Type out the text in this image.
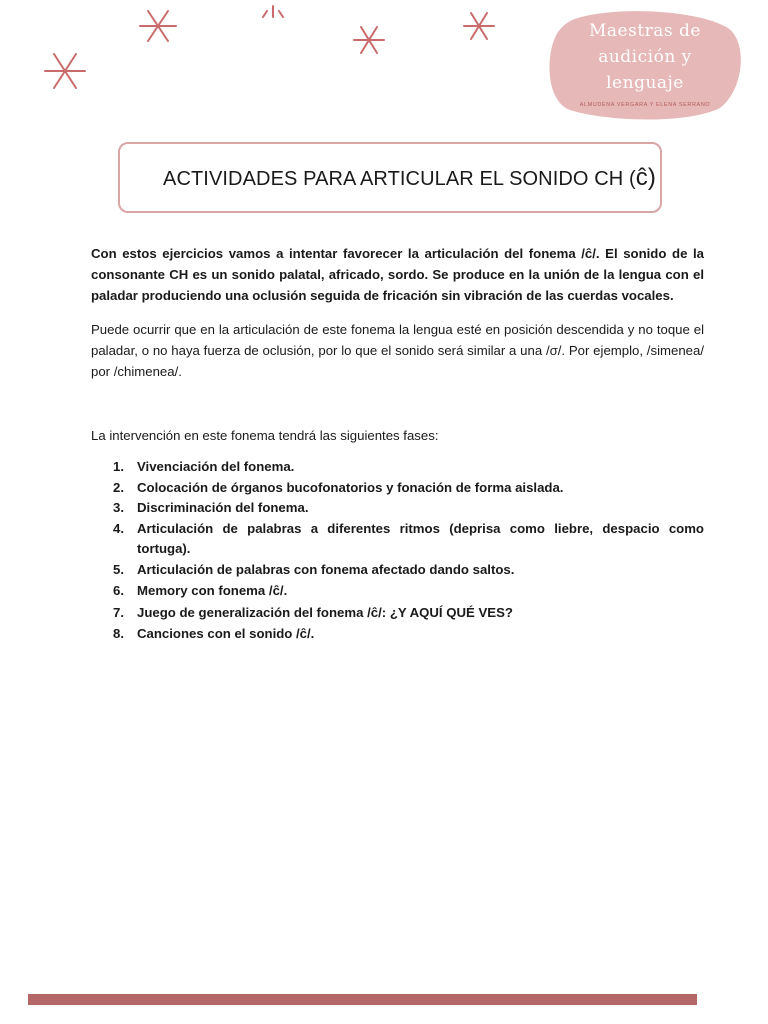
Maestras de
audición y
lenguaje
ALMUDENA VERGARA Y ELENA SERRANO
ACTIVIDADES PARA ARTICULAR EL SONIDO CH (ĉ)

Con estos ejercicios vamos a intentar favorecer la articulación del fonema /ĉ/. El sonido de la consonante CH es un sonido palatal, africado, sordo. Se produce en la unión de la lengua con el paladar produciendo una oclusión seguida de fricación sin vibración de las cuerdas vocales.

Puede ocurrir que en la articulación de este fonema la lengua esté en posición descendida y no toque el paladar, o no haya fuerza de oclusión, por lo que el sonido será similar a una /σ/. Por ejemplo, /simenea/ por /chimenea/.

La intervención en este fonema tendrá las siguientes fases:

1. Vivenciación del fonema.
2. Colocación de órganos bucofonatorios y fonación de forma aislada.
3. Discriminación del fonema.
4. Articulación de palabras a diferentes ritmos (deprisa como liebre, despacio como tortuga).
5. Articulación de palabras con fonema afectado dando saltos.
6. Memory con fonema /ĉ/.
7. Juego de generalización del fonema /ĉ/: ¿Y AQUÍ QUÉ VES?
8. Canciones con el sonido /ĉ/.
